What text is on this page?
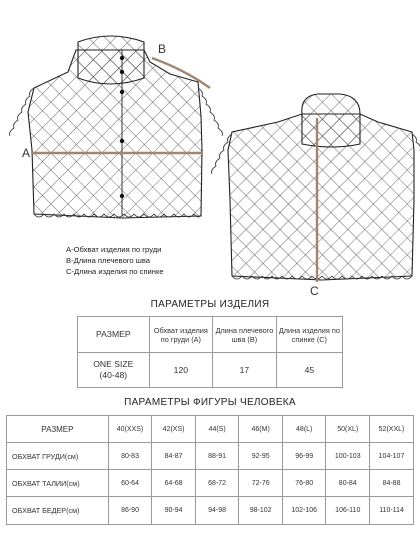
A
B
C
А-Обхват изделия по груди
В-Длина плечевого шва
С-Длина изделия по спинке
ПАРАМЕТРЫ ИЗДЕЛИЯ
РАЗМЕР	Обхват изделия по груди (А)	Длина плечевого шва (В)	Длина изделия по спинке (С)

ONE SIZE
(40-48)	120	17	45
ПАРАМЕТРЫ ФИГУРЫ ЧЕЛОВЕКА
РАЗМЕР	40(XXS)	42(XS)	44(S)	46(M)	48(L)	50(XL)	52(XXL)
ОБХВАТ ГРУДИ(см)	80-83	84-87	88-91	92-95	96-99	100-103	104-107
ОБХВАТ ТАЛИИ(см)	60-64	64-68	68-72	72-76	76-80	80-84	84-88
ОБХВАТ БЕДЕР(см)	86-90	90-94	94-98	98-102	102-106	106-110	110-114
